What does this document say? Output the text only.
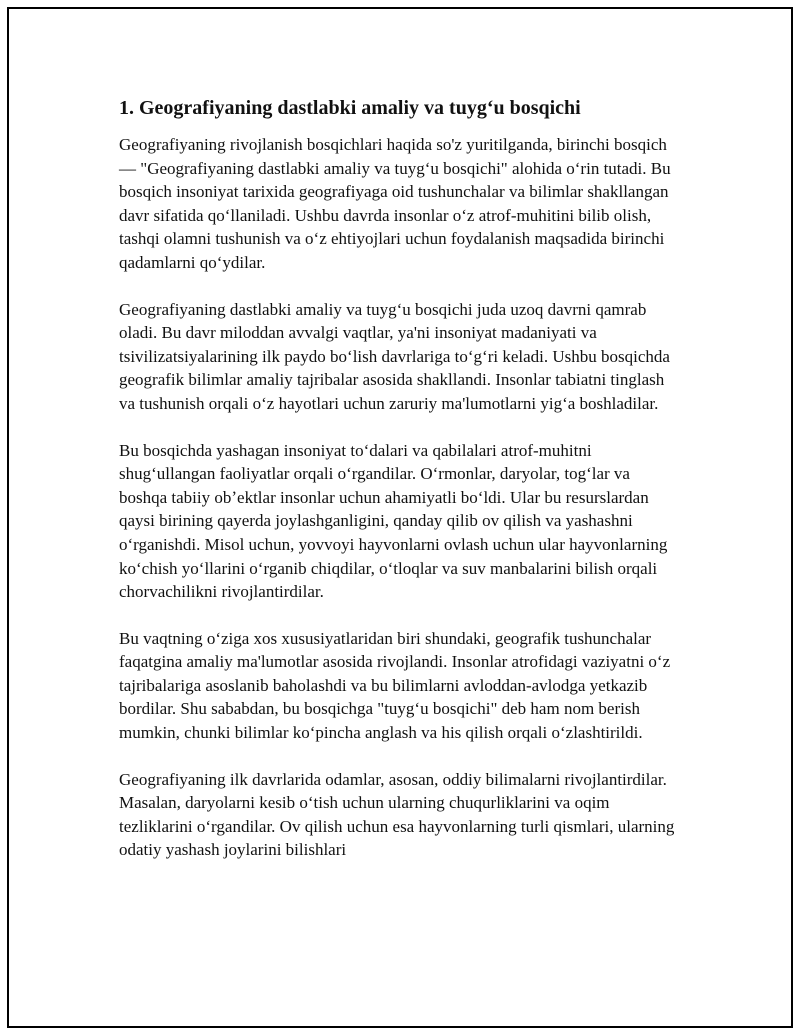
1. Geografiyaning dastlabki amaliy va tuygʻu bosqichi

Geografiyaning rivojlanish bosqichlari haqida so'z yuritilganda, birinchi bosqich — "Geografiyaning dastlabki amaliy va tuygʻu bosqichi" alohida oʻrin tutadi. Bu bosqich insoniyat tarixida geografiyaga oid tushunchalar va bilimlar shakllangan davr sifatida qoʻllaniladi. Ushbu davrda insonlar oʻz atrof-muhitini bilib olish, tashqi olamni tushunish va oʻz ehtiyojlari uchun foydalanish maqsadida birinchi qadamlarni qoʻydilar.

Geografiyaning dastlabki amaliy va tuygʻu bosqichi juda uzoq davrni qamrab oladi. Bu davr miloddan avvalgi vaqtlar, ya'ni insoniyat madaniyati va tsivilizatsiyalarining ilk paydo boʻlish davrlariga toʻgʻri keladi. Ushbu bosqichda geografik bilimlar amaliy tajribalar asosida shakllandi. Insonlar tabiatni tinglash va tushunish orqali oʻz hayotlari uchun zaruriy ma'lumotlarni yigʻa boshladilar.

Bu bosqichda yashagan insoniyat toʻdalari va qabilalari atrof-muhitni shugʻullangan faoliyatlar orqali oʻrgandilar. Oʻrmonlar, daryolar, togʻlar va boshqa tabiiy obʼektlar insonlar uchun ahamiyatli boʻldi. Ular bu resurslardan qaysi birining qayerda joylashganligini, qanday qilib ov qilish va yashashni oʻrganishdi. Misol uchun, yovvoyi hayvonlarni ovlash uchun ular hayvonlarning koʻchish yoʻllarini oʻrganib chiqdilar, oʻtloqlar va suv manbalarini bilish orqali chorvachilikni rivojlantirdilar.

Bu vaqtning oʻziga xos xususiyatlaridan biri shundaki, geografik tushunchalar faqatgina amaliy ma'lumotlar asosida rivojlandi. Insonlar atrofidagi vaziyatni oʻz tajribalariga asoslanib baholashdi va bu bilimlarni avloddan-avlodga yetkazib bordilar. Shu sababdan, bu bosqichga "tuygʻu bosqichi" deb ham nom berish mumkin, chunki bilimlar koʻpincha anglash va his qilish orqali oʻzlashtirildi.

Geografiyaning ilk davrlarida odamlar, asosan, oddiy bilimalarni rivojlantirdilar. Masalan, daryolarni kesib oʻtish uchun ularning chuqurliklarini va oqim tezliklarini oʻrgandilar. Ov qilish uchun esa hayvonlarning turli qismlari, ularning odatiy yashash joylarini bilishlari
